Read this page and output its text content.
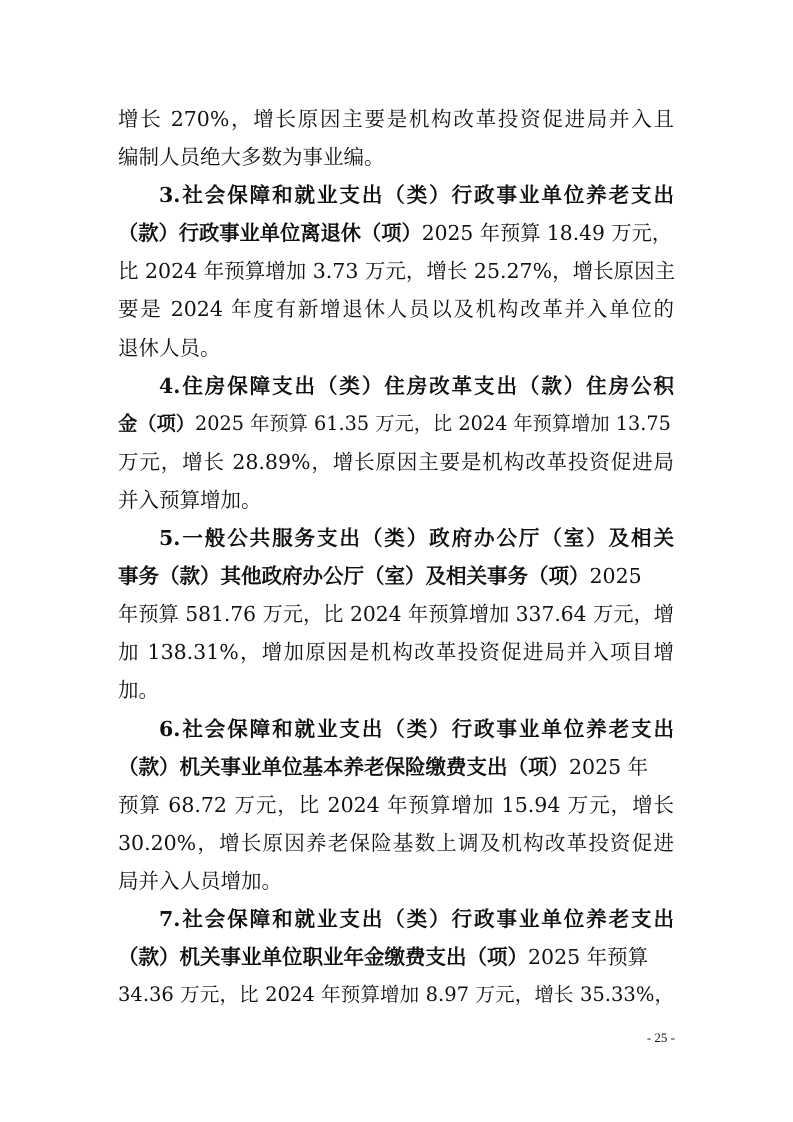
增长 270%，增长原因主要是机构改革投资促进局并入且
编制人员绝大多数为事业编。
3.社会保障和就业支出（类）行政事业单位养老支出
（款）行政事业单位离退休（项）2025 年预算 18.49 万元，
比 2024 年预算增加 3.73 万元，增长 25.27%，增长原因主
要是 2024 年度有新增退休人员以及机构改革并入单位的
退休人员。
4.住房保障支出（类）住房改革支出（款）住房公积
金（项）2025 年预算 61.35 万元，比 2024 年预算增加 13.75
万元，增长 28.89%，增长原因主要是机构改革投资促进局
并入预算增加。
5.一般公共服务支出（类）政府办公厅（室）及相关
事务（款）其他政府办公厅（室）及相关事务（项）2025
年预算 581.76 万元，比 2024 年预算增加 337.64 万元，增
加 138.31%，增加原因是机构改革投资促进局并入项目增
加。
6.社会保障和就业支出（类）行政事业单位养老支出
（款）机关事业单位基本养老保险缴费支出（项）2025 年
预算 68.72 万元，比 2024 年预算增加 15.94 万元，增长
30.20%，增长原因养老保险基数上调及机构改革投资促进
局并入人员增加。
7.社会保障和就业支出（类）行政事业单位养老支出
（款）机关事业单位职业年金缴费支出（项）2025 年预算
34.36 万元，比 2024 年预算增加 8.97 万元，增长 35.33%，
- 25 -
